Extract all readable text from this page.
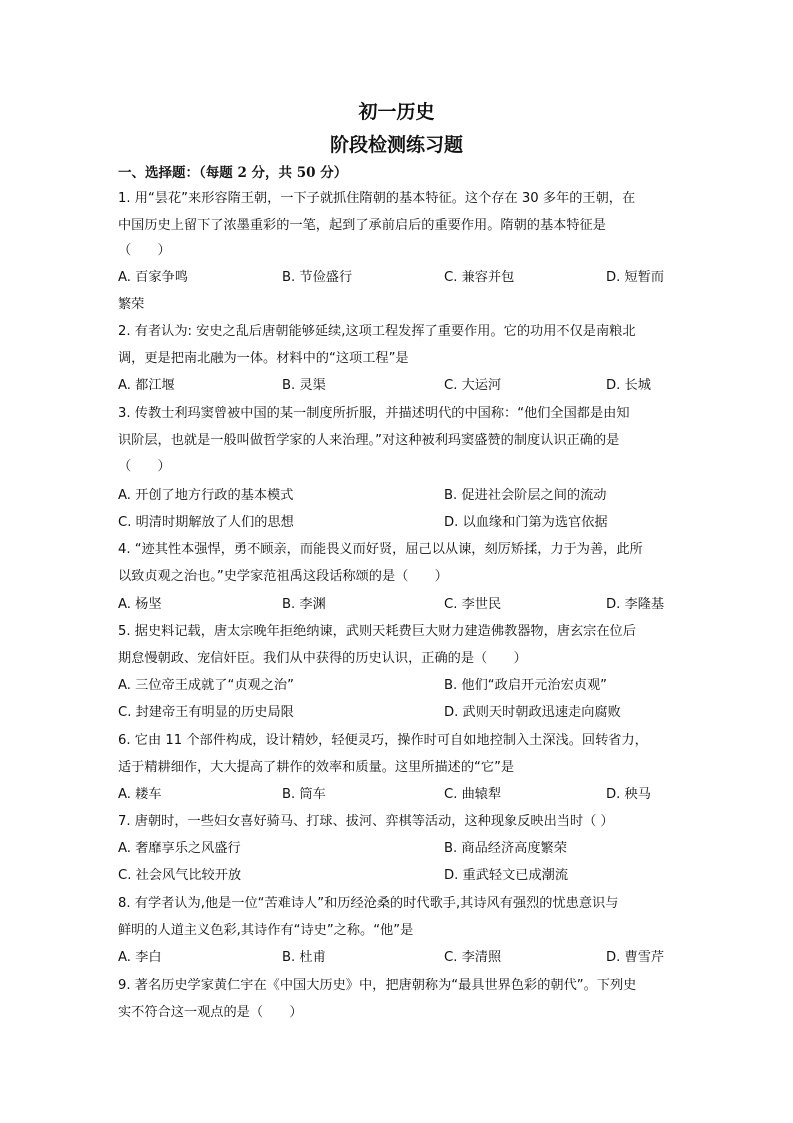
初一历史
阶段检测练习题
一、选择题：（每题 2 分，共 50 分）
1. 用“昙花”来形容隋王朝，一下子就抓住隋朝的基本特征。这个存在 30 多年的王朝，在
中国历史上留下了浓墨重彩的一笔，起到了承前启后的重要作用。隋朝的基本特征是
（　　）
A. 百家争鸣	B. 节俭盛行	C. 兼容并包	D. 短暂而
繁荣
2. 有者认为: 安史之乱后唐朝能够延续,这项工程发挥了重要作用。它的功用不仅是南粮北
调，更是把南北融为一体。材料中的“这项工程”是
A. 都江堰	B. 灵渠	C. 大运河	D. 长城
3. 传教士利玛窦曾被中国的某一制度所折服，并描述明代的中国称：“他们全国都是由知
识阶层，也就是一般叫做哲学家的人来治理。”对这种被利玛窦盛赞的制度认识正确的是
（　　）
A. 开创了地方行政的基本模式	B. 促进社会阶层之间的流动
C. 明清时期解放了人们的思想	D. 以血缘和门第为选官依据
4. “迹其性本强悍，勇不顾亲，而能畏义而好贤，屈己以从谏，刻厉矫揉，力于为善，此所
以致贞观之治也。”史学家范祖禹这段话称颂的是（　　）
A. 杨坚	B. 李渊	C. 李世民	D. 李隆基
5. 据史料记载，唐太宗晚年拒绝纳谏，武则天耗费巨大财力建造佛教器物，唐玄宗在位后
期怠慢朝政、宠信奸臣。我们从中获得的历史认识，正确的是（　　）
A. 三位帝王成就了“贞观之治”	B. 他们“政启开元治宏贞观”
C. 封建帝王有明显的历史局限	D. 武则天时朝政迅速走向腐败
6. 它由 11 个部件构成，设计精妙，轻便灵巧，操作时可自如地控制入土深浅。回转省力，
适于精耕细作，大大提高了耕作的效率和质量。这里所描述的“它”是
A. 耧车	B. 筒车	C. 曲辕犁	D. 秧马
7. 唐朝时，一些妇女喜好骑马、打球、拔河、弈棋等活动，这种现象反映出当时（ ）
A. 奢靡享乐之风盛行	B. 商品经济高度繁荣
C. 社会风气比较开放	D. 重武轻文已成潮流
8. 有学者认为,他是一位“苦难诗人”和历经沧桑的时代歌手,其诗风有强烈的忧患意识与
鲜明的人道主义色彩,其诗作有“诗史”之称。“他”是
A. 李白	B. 杜甫	C. 李清照	D. 曹雪芹
9. 著名历史学家黄仁宇在《中国大历史》中，把唐朝称为“最具世界色彩的朝代”。下列史
实不符合这一观点的是（　　）
